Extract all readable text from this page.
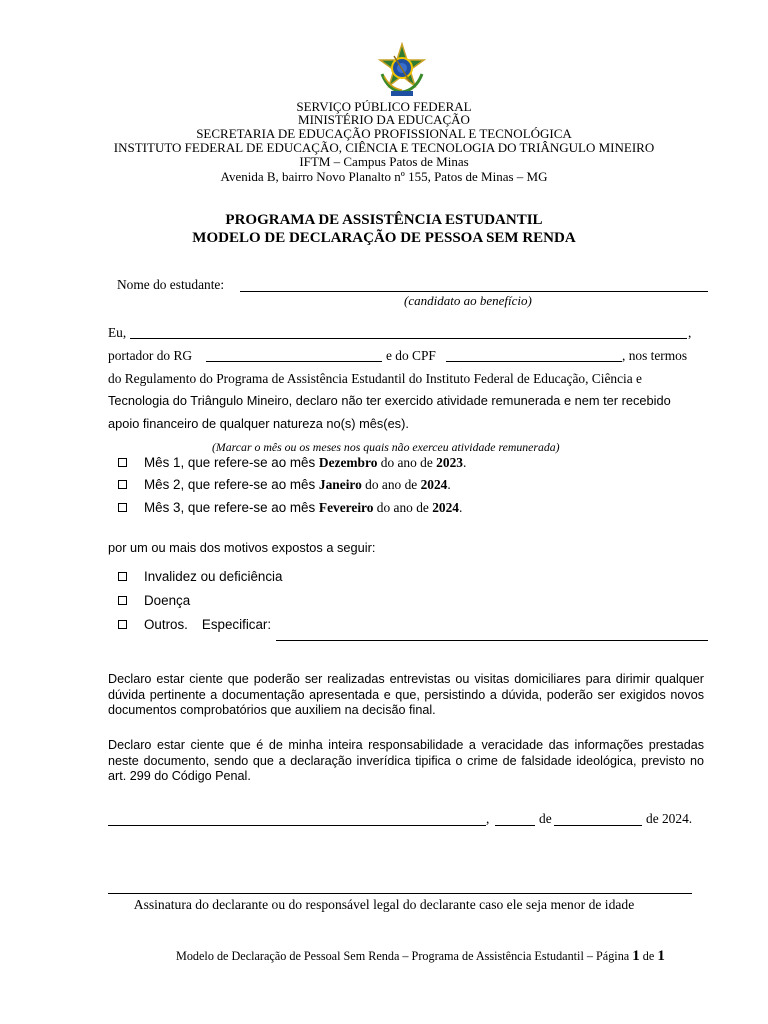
SERVIÇO PÚBLICO FEDERAL
MINISTÉRIO DA EDUCAÇÃO
SECRETARIA DE EDUCAÇÃO PROFISSIONAL E TECNOLÓGICA
INSTITUTO FEDERAL DE EDUCAÇÃO, CIÊNCIA E TECNOLOGIA DO TRIÂNGULO MINEIRO
IFTM – Campus Patos de Minas
Avenida B, bairro Novo Planalto nº 155, Patos de Minas – MG
PROGRAMA DE ASSISTÊNCIA ESTUDANTIL
MODELO DE DECLARAÇÃO DE PESSOA SEM RENDA
Nome do estudante:
(candidato ao benefício)
Eu,	,
portador do RG	e do CPF	, nos termos
do Regulamento do Programa de Assistência Estudantil do Instituto Federal de Educação, Ciência e
Tecnologia do Triângulo Mineiro, declaro não ter exercido atividade remunerada e nem ter recebido
apoio financeiro de qualquer natureza no(s) mês(es).
(Marcar o mês ou os meses nos quais não exerceu atividade remunerada)
Mês 1, que refere-se ao mês Dezembro do ano de 2023.
Mês 2, que refere-se ao mês Janeiro do ano de 2024.
Mês 3, que refere-se ao mês Fevereiro do ano de 2024.
por um ou mais dos motivos expostos a seguir:
Invalidez ou deficiência
Doença
Outros. Especificar:
Declaro estar ciente que poderão ser realizadas entrevistas ou visitas domiciliares para dirimir qualquer dúvida pertinente a documentação apresentada e que, persistindo a dúvida, poderão ser exigidos novos documentos comprobatórios que auxiliem na decisão final.
Declaro estar ciente que é de minha inteira responsabilidade a veracidade das informações prestadas neste documento, sendo que a declaração inverídica tipifica o crime de falsidade ideológica, previsto no art. 299 do Código Penal.
,	de	de 2024.
Assinatura do declarante ou do responsável legal do declarante caso ele seja menor de idade
Modelo de Declaração de Pessoal Sem Renda – Programa de Assistência Estudantil – Página 1 de 1
